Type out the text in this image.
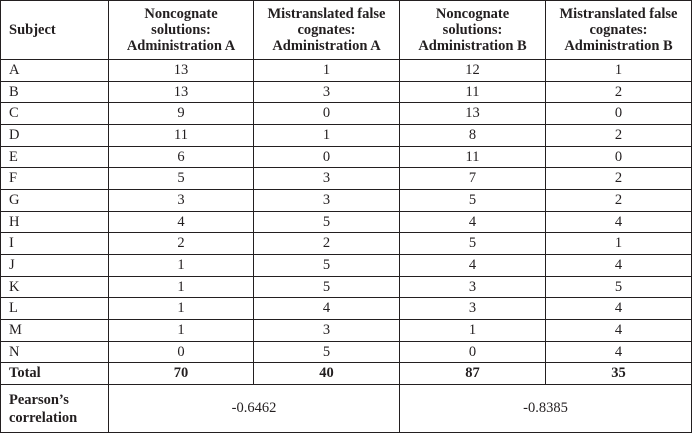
Subject	Noncognate solutions: Administration A	Mistranslated false cognates: Administration A	Noncognate solutions: Administration B	Mistranslated false cognates: Administration B
A	13	1	12	1
B	13	3	11	2
C	9	0	13	0
D	11	1	8	2
E	6	0	11	0
F	5	3	7	2
G	3	3	5	2
H	4	5	4	4
I	2	2	5	1
J	1	5	4	4
K	1	5	3	5
L	1	4	3	4
M	1	3	1	4
N	0	5	0	4
Total	70	40	87	35
Pearson’s correlation	-0.6462		-0.8385	
